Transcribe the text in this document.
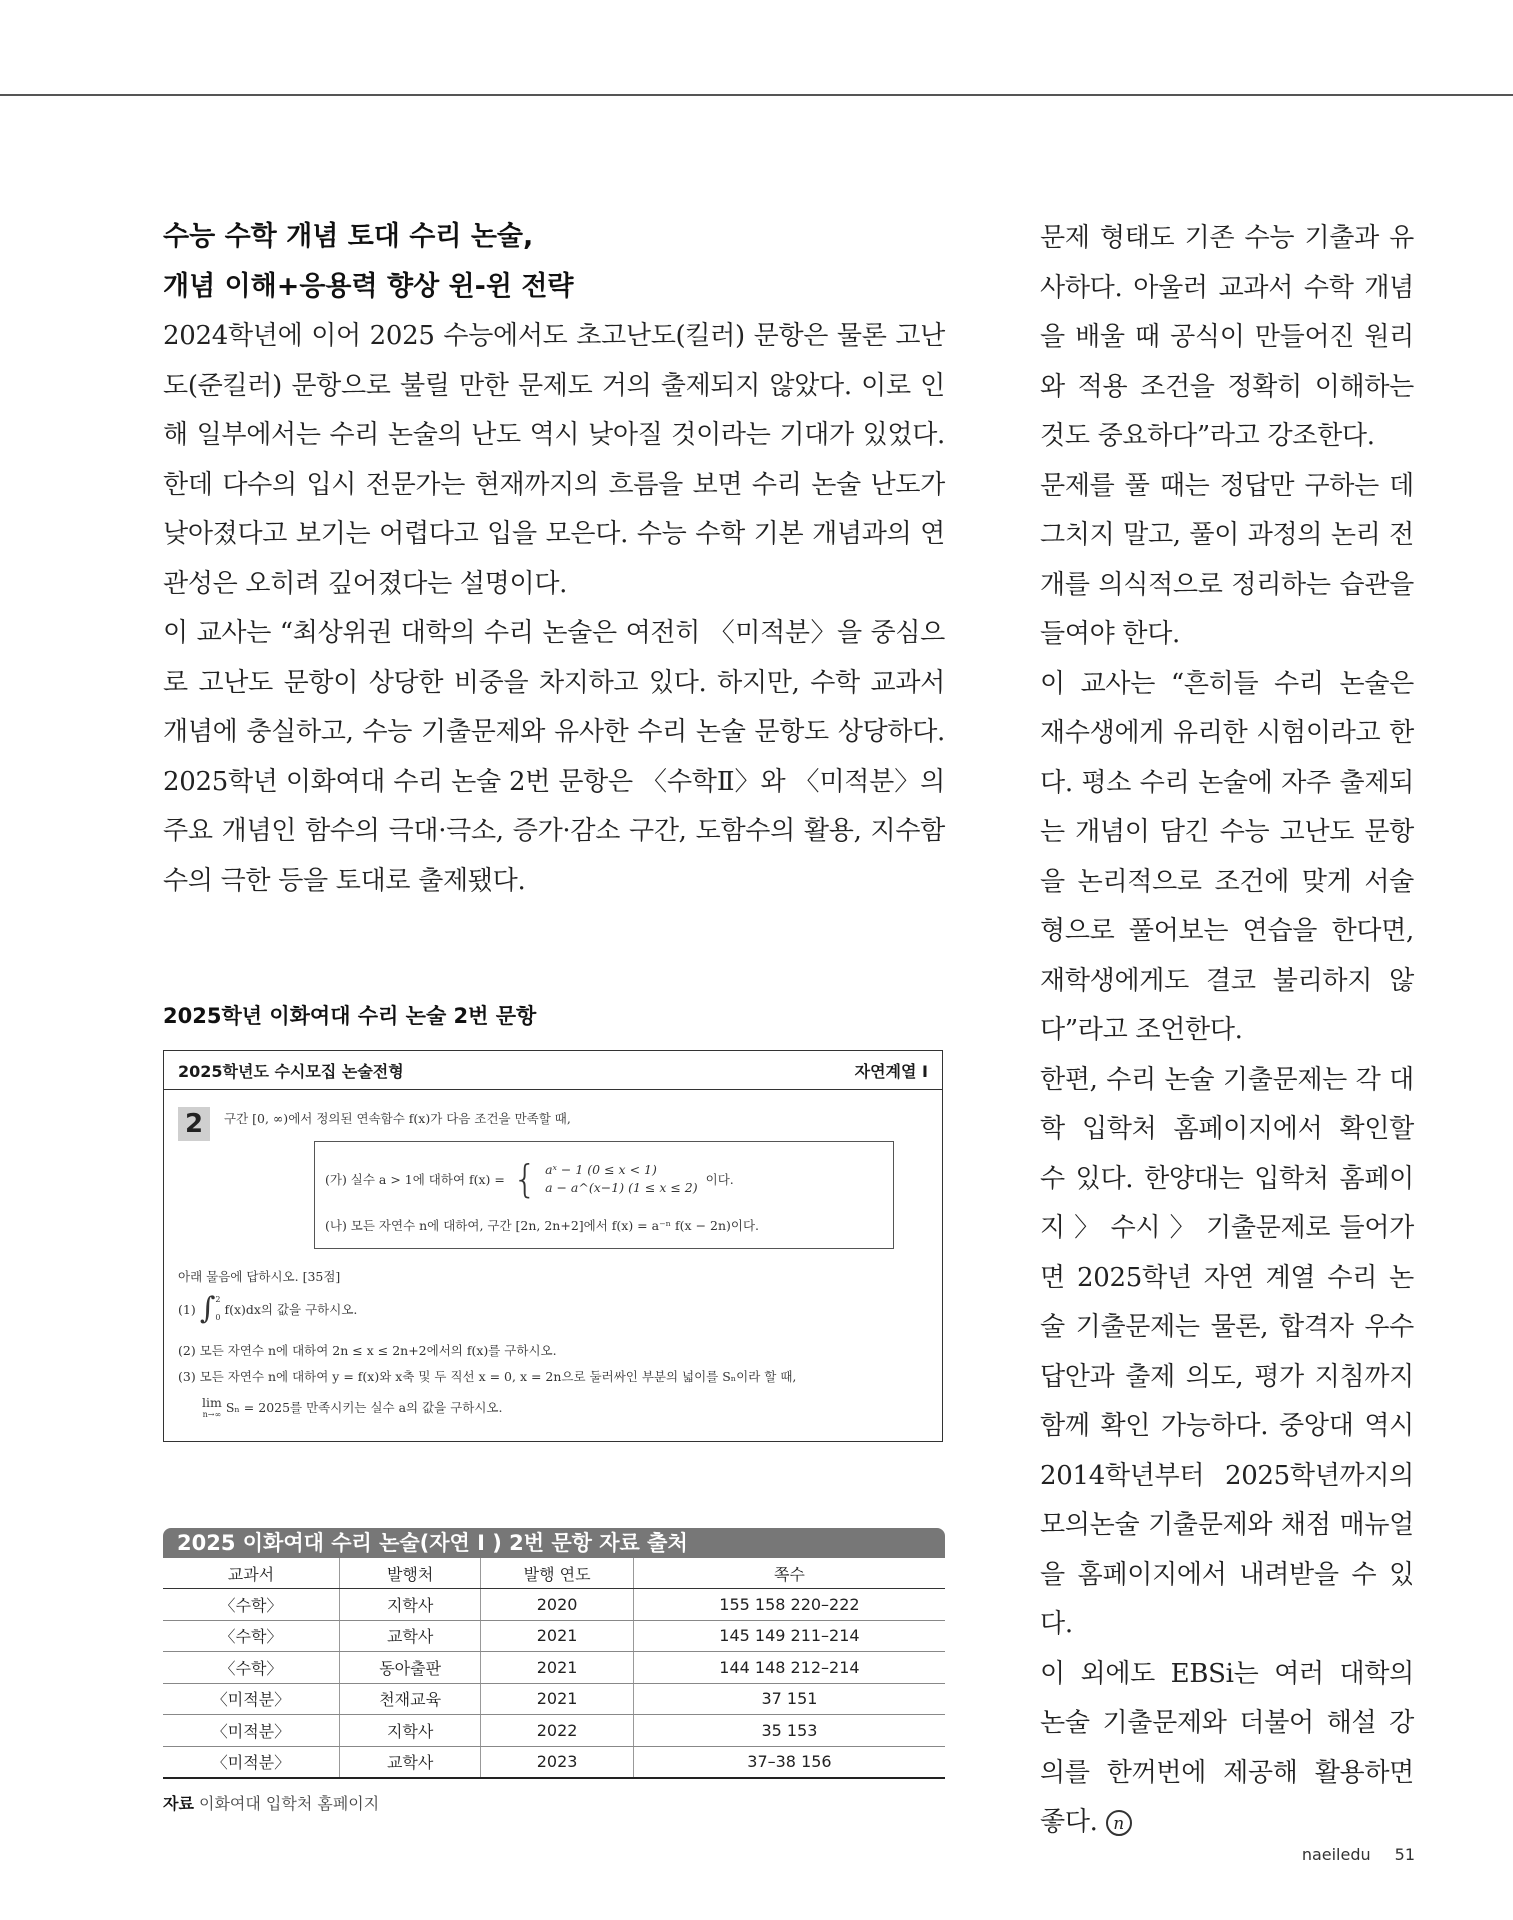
수능 수학 개념 토대 수리 논술,
개념 이해+응용력 향상 윈-윈 전략

2024학년에 이어 2025 수능에서도 초고난도(킬러) 문항은 물론 고난도(준킬러) 문항으로 불릴 만한 문제도 거의 출제되지 않았다. 이로 인해 일부에서는 수리 논술의 난도 역시 낮아질 것이라는 기대가 있었다. 한데 다수의 입시 전문가는 현재까지의 흐름을 보면 수리 논술 난도가 낮아졌다고 보기는 어렵다고 입을 모은다. 수능 수학 기본 개념과의 연관성은 오히려 깊어졌다는 설명이다.

이 교사는 “최상위권 대학의 수리 논술은 여전히 〈미적분〉을 중심으로 고난도 문항이 상당한 비중을 차지하고 있다. 하지만, 수학 교과서 개념에 충실하고, 수능 기출문제와 유사한 수리 논술 문항도 상당하다. 2025학년 이화여대 수리 논술 2번 문항은 〈수학Ⅱ〉와 〈미적분〉의 주요 개념인 함수의 극대·극소, 증가·감소 구간, 도함수의 활용, 지수함수의 극한 등을 토대로 출제됐다.

2025학년 이화여대 수리 논술 2번 문항
2025학년도 수시모집 논술전형	자연계열 I
2	구간 [0, ∞)에서 정의된 연속함수 f(x)가 다음 조건을 만족할 때,
(가) 실수 a > 1에 대하여 f(x) = { aˣ − 1 (0 ≤ x < 1)
a − a^(x−1) (1 ≤ x ≤ 2)
이다.
(나) 모든 자연수 n에 대하여, 구간 [2n, 2n+2]에서 f(x) = a⁻ⁿ f(x − 2n)이다.
아래 물음에 답하시오. [35점]
(1) ∫ 2
0
f(x)dx의 값을 구하시오.
(2) 모든 자연수 n에 대하여 2n ≤ x ≤ 2n+2에서의 f(x)를 구하시오.
(3) 모든 자연수 n에 대하여 y = f(x)와 x축 및 두 직선 x = 0, x = 2n으로 둘러싸인 부분의 넓이를 Sₙ이라 할 때,
lim
n→∞ Sₙ = 2025를 만족시키는 실수 a의 값을 구하시오.
2025 이화여대 수리 논술(자연 I ) 2번 문항 자료 출처
교과서	발행처	발행 연도	쪽수
〈수학〉	지학사	2020	155 158 220–222
〈수학〉	교학사	2021	145 149 211–214
〈수학〉	동아출판	2021	144 148 212–214
〈미적분〉	천재교육	2021	37 151
〈미적분〉	지학사	2022	35 153
〈미적분〉	교학사	2023	37–38 156
자료 이화여대 입학처 홈페이지

문제 형태도 기존 수능 기출과 유사하다. 아울러 교과서 수학 개념을 배울 때 공식이 만들어진 원리와 적용 조건을 정확히 이해하는 것도 중요하다”라고 강조한다.

문제를 풀 때는 정답만 구하는 데 그치지 말고, 풀이 과정의 논리 전개를 의식적으로 정리하는 습관을 들여야 한다.

이 교사는 “흔히들 수리 논술은 재수생에게 유리한 시험이라고 한다. 평소 수리 논술에 자주 출제되는 개념이 담긴 수능 고난도 문항을 논리적으로 조건에 맞게 서술형으로 풀어보는 연습을 한다면, 재학생에게도 결코 불리하지 않다”라고 조언한다.

한편, 수리 논술 기출문제는 각 대학 입학처 홈페이지에서 확인할 수 있다. 한양대는 입학처 홈페이지 〉 수시 〉 기출문제로 들어가면 2025학년 자연 계열 수리 논술 기출문제는 물론, 합격자 우수 답안과 출제 의도, 평가 지침까지 함께 확인 가능하다. 중앙대 역시 2014학년부터 2025학년까지의 모의논술 기출문제와 채점 매뉴얼을 홈페이지에서 내려받을 수 있다.

이 외에도 EBSi는 여러 대학의 논술 기출문제와 더불어 해설 강의를 한꺼번에 제공해 활용하면 좋다. n

naeiledu 51
